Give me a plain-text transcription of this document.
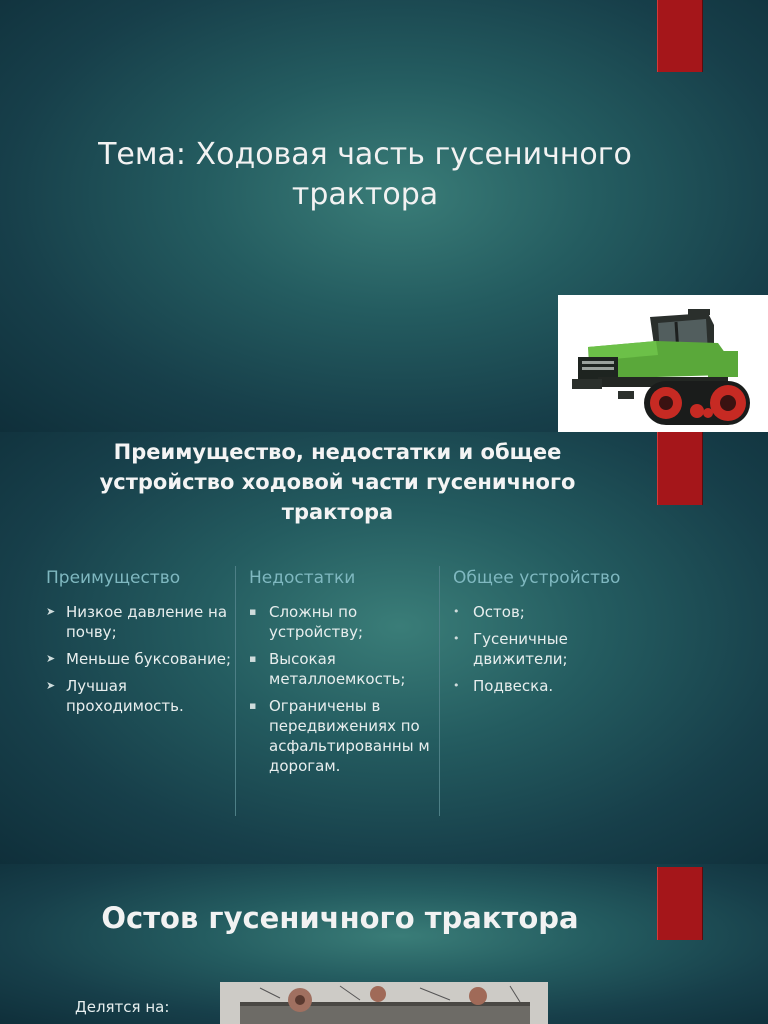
Тема: Ходовая часть гусеничного трактора
Преимущество, недостатки и общее устройство ходовой части гусеничного трактора
Преимущество
➤ Низкое давление на почву;
➤ Меньше буксование;
➤ Лучшая проходимость.
Недостатки
▪ Сложны по устройству;
▪ Высокая металлоемкость;
▪ Ограничены в передвижениях по асфальтированны м дорогам.
Общее устройство
• Остов;
• Гусеничные движители;
• Подвеска.
Остов гусеничного трактора
Делятся на:
